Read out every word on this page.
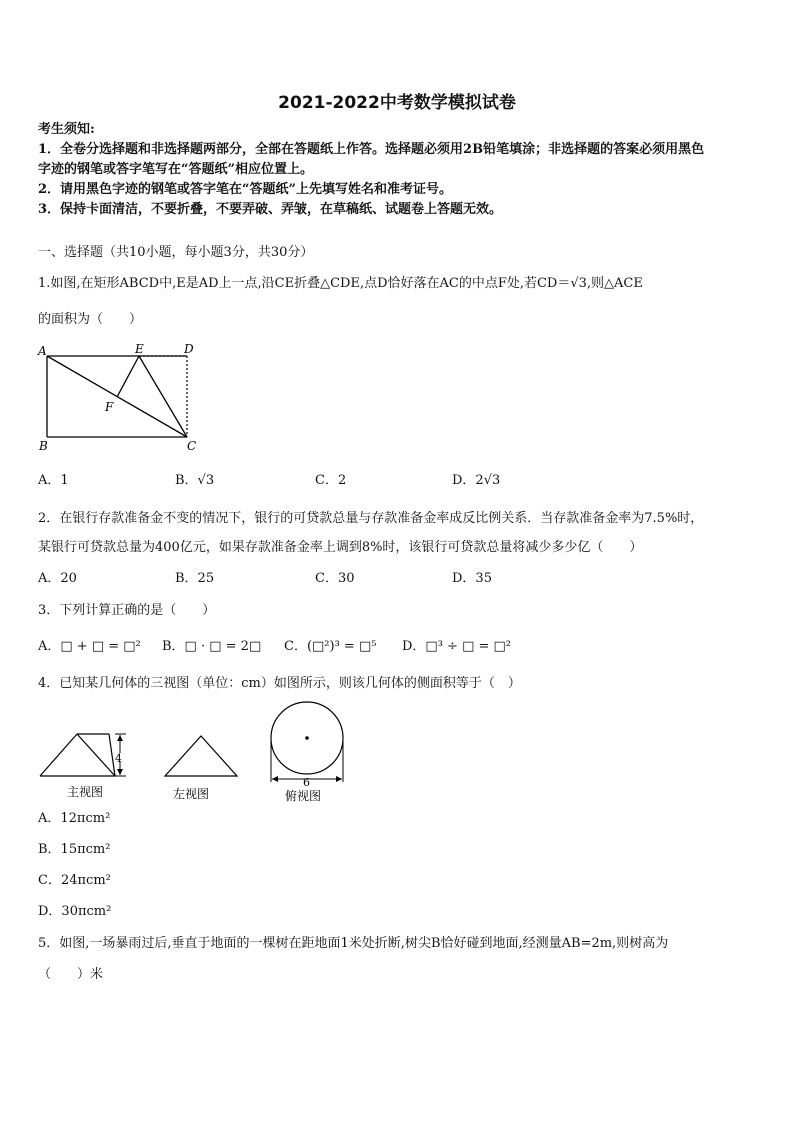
2021-2022中考数学模拟试卷
考生须知:
1．全卷分选择题和非选择题两部分，全部在答题纸上作答。选择题必须用2B铅笔填涂；非选择题的答案必须用黑色
字迹的钢笔或答字笔写在“答题纸”相应位置上。
2．请用黑色字迹的钢笔或答字笔在“答题纸”上先填写姓名和准考证号。
3．保持卡面清洁，不要折叠，不要弄破、弄皱，在草稿纸、试题卷上答题无效。
一、选择题（共10小题，每小题3分，共30分）
1.如图,在矩形ABCD中,E是AD上一点,沿CE折叠△CDE,点D恰好落在AC的中点F处,若CD＝√3,则△ACE
的面积为（　　）
A	E	D
F
B	C
A．1	B．√3	C．2	D．2√3
2．在银行存款准备金不变的情况下，银行的可贷款总量与存款准备金率成反比例关系．当存款准备金率为7.5%时，
某银行可贷款总量为400亿元，如果存款准备金率上调到8%时，该银行可贷款总量将减少多少亿（　　）
A．20	B．25	C．30	D．35
3．下列计算正确的是（　　）
A．□ + □ = □² B．□ · □ = 2□ C．(□²)³ = □⁵ D．□³ ÷ □ = □²
4．已知某几何体的三视图（单位：cm）如图所示，则该几何体的侧面积等于（　）
4
主视图	左视图
6
俯视图
A．12πcm²
B．15πcm²
C．24πcm²
D．30πcm²
5．如图,一场暴雨过后,垂直于地面的一棵树在距地面1米处折断,树尖B恰好碰到地面,经测量AB=2m,则树高为
（　　）米
